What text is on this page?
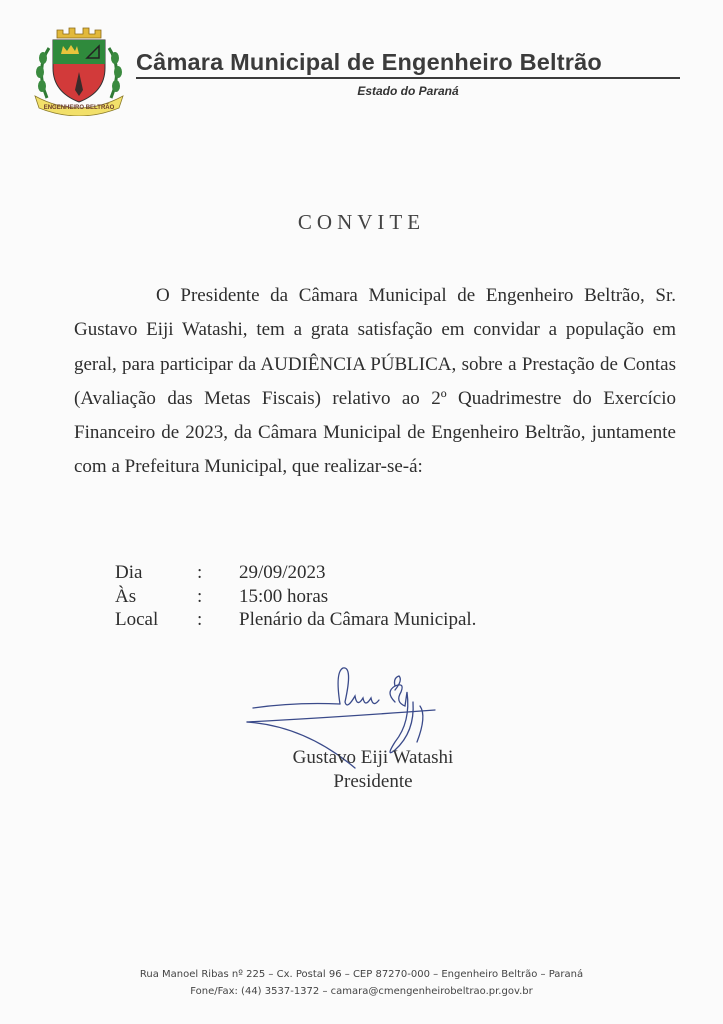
ENGENHEIRO BELTRÃO
Câmara Municipal de Engenheiro Beltrão
Estado do Paraná
CONVITE
O Presidente da Câmara Municipal de Engenheiro Beltrão, Sr. Gustavo Eiji Watashi, tem a grata satisfação em convidar a população em geral, para participar da AUDIÊNCIA PÚBLICA, sobre a Prestação de Contas (Avaliação das Metas Fiscais) relativo ao 2º Quadrimestre do Exercício Financeiro de 2023, da Câmara Municipal de Engenheiro Beltrão, juntamente com a Prefeitura Municipal, que realizar-se-á:
Dia	:	29/09/2023
Às	:	15:00 horas
Local	:	Plenário da Câmara Municipal.
Gustavo Eiji Watashi
Presidente
Rua Manoel Ribas nº 225 – Cx. Postal 96 – CEP 87270-000 – Engenheiro Beltrão – Paraná
Fone/Fax: (44) 3537-1372 – camara@cmengenheirobeltrao.pr.gov.br
